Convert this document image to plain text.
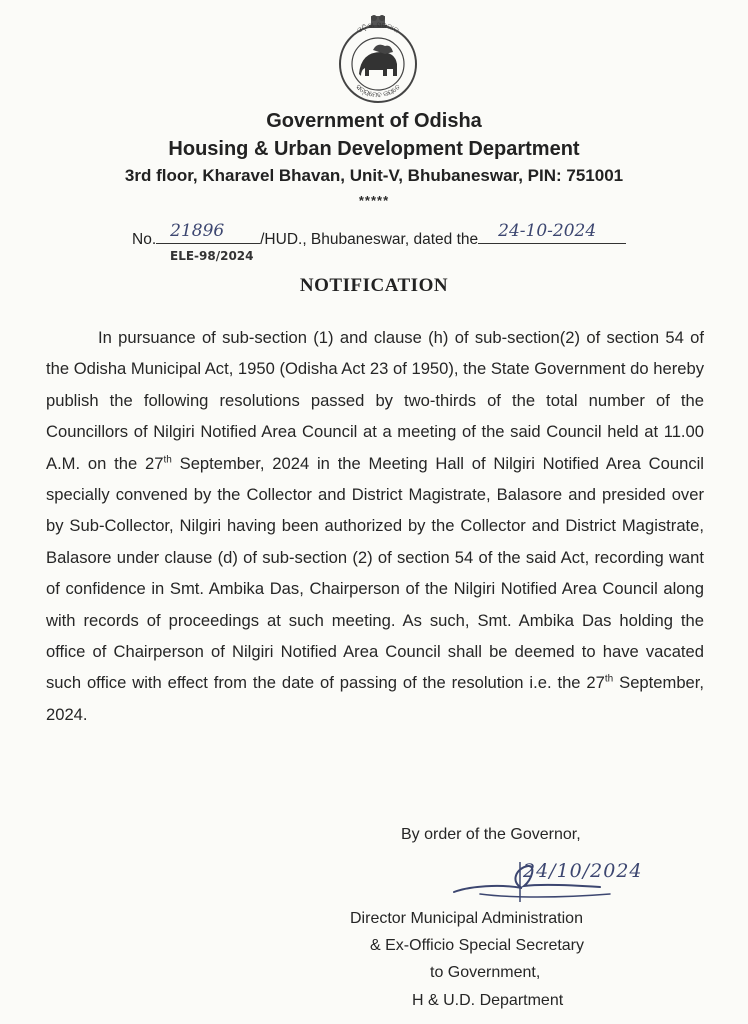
ଓଡ଼ିଶା ସରକାର
ସତ୍ୟମେବ ଜୟତେ
Government of Odisha
Housing & Urban Development Department
3rd floor, Kharavel Bhavan, Unit-V, Bhubaneswar, PIN: 751001
*****
No. 21896 /HUD., Bhubaneswar, dated the 24-10-2024
ELE-98/2024
NOTIFICATION
In pursuance of sub-section (1) and clause (h) of sub-section(2) of section 54 of the Odisha Municipal Act, 1950 (Odisha Act 23 of 1950), the State Government do hereby publish the following resolutions passed by two-thirds of the total number of the Councillors of Nilgiri Notified Area Council at a meeting of the said Council held at 11.00 A.M. on the 27th September, 2024 in the Meeting Hall of Nilgiri Notified Area Council specially convened by the Collector and District Magistrate, Balasore and presided over by Sub-Collector, Nilgiri having been authorized by the Collector and District Magistrate, Balasore under clause (d) of sub-section (2) of section 54 of the said Act, recording want of confidence in Smt. Ambika Das, Chairperson of the Nilgiri Notified Area Council along with records of proceedings at such meeting. As such, Smt. Ambika Das holding the office of Chairperson of Nilgiri Notified Area Council shall be deemed to have vacated such office with effect from the date of passing of the resolution i.e. the 27th September, 2024.
By order of the Governor,
24/10/2024
Director Municipal Administration
& Ex-Officio Special Secretary
to Government,
H & U.D. Department
